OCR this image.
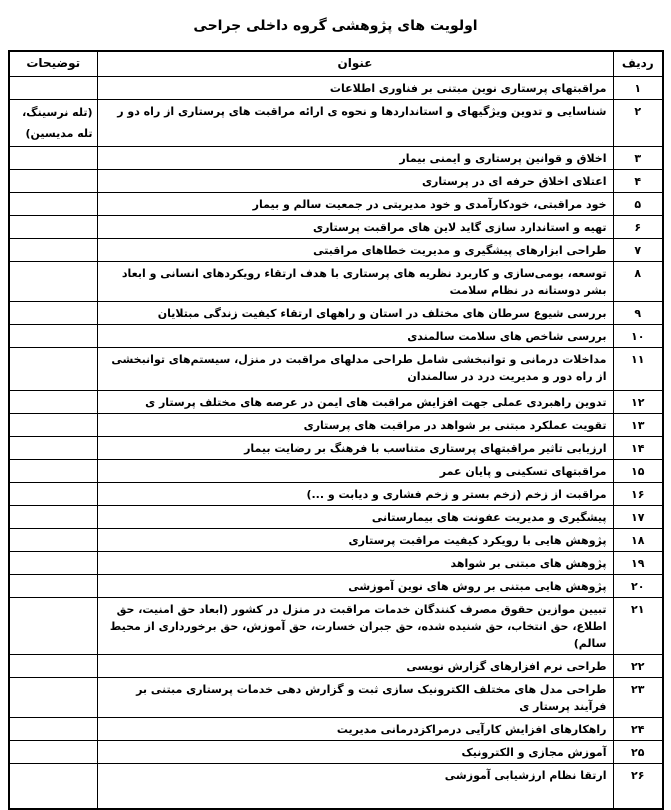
اولویت های پژوهشی گروه داخلی جراحی
ردیف	عنوان	توضیحات
۱	مراقبتهای پرستاری نوین مبتنی بر فناوری اطلاعات	
۲	شناسایی و تدوین ویژگیهای و استانداردها و نحوه ی ارائه مراقبت های پرستاری از راه دو ر	(تله نرسینگ، تله مدیسین)
۳	اخلاق و قوانین پرستاری و ایمنی بیمار	
۴	اعتلای اخلاق حرفه ای در پرستاری	
۵	خود مراقبتی، خودکارآمدی و خود مدیریتی در جمعیت سالم و بیمار	
۶	تهیه و استاندارد سازی گاید لاین های مراقبت پرستاری	
۷	طراحی ابزارهای پیشگیری و مدیریت خطاهای مراقبتی	
۸	توسعه، بومی‌سازی و کاربرد نظریه های پرستاری با هدف ارتقاء رویکردهای انسانی و ابعاد بشر دوستانه در نظام سلامت	
۹	بررسی شیوع سرطان های مختلف در استان و راههای ارتقاء کیفیت زندگی مبتلایان	
۱۰	بررسی شاخص های سلامت سالمندی	
۱۱	مداخلات درمانی و توانبخشی شامل طراحی مدلهای مراقبت در منزل، سیستم‌های توانبخشی از راه دور و مدیریت درد در سالمندان	
۱۲	تدوین راهبردی عملی جهت افزایش مراقبت های ایمن در عرصه های مختلف پرستار ی	
۱۳	تقویت عملکرد مبتنی بر شواهد در مراقبت های پرستاری	
۱۴	ارزیابی تاثیر مراقبتهای پرستاری متناسب با فرهنگ بر رضایت بیمار	
۱۵	مراقبتهای تسکینی و پایان عمر	
۱۶	مراقبت از زخم (زخم بستر و زخم فشاری و دیابت و ...)	
۱۷	پیشگیری و مدیریت عفونت های بیمارستانی	
۱۸	پژوهش هایی با رویکرد کیفیت مراقبت پرستاری	
۱۹	پژوهش های مبتنی بر شواهد	
۲۰	پژوهش هایی مبتنی بر روش های نوین آموزشی	
۲۱	تبیین موازین حقوق مصرف کنندگان خدمات مراقبت در منزل در کشور (ابعاد حق امنیت، حق اطلاع، حق انتخاب، حق شنیده شده، حق جبران خسارت، حق آموزش، حق برخورداری از محیط سالم)	
۲۲	طراحی نرم افزارهای گزارش نویسی	
۲۳	طراحی مدل های مختلف الکترونیک سازی ثبت و گزارش دهی خدمات پرستاری مبتنی بر فرآیند پرستار ی	
۲۴	راهکارهای افزایش کارآیی درمراکزدرمانی مدیریت	
۲۵	آموزش مجازی و الکترونیک	
۲۶	ارتقا نظام ارزشیابی آموزشی	
